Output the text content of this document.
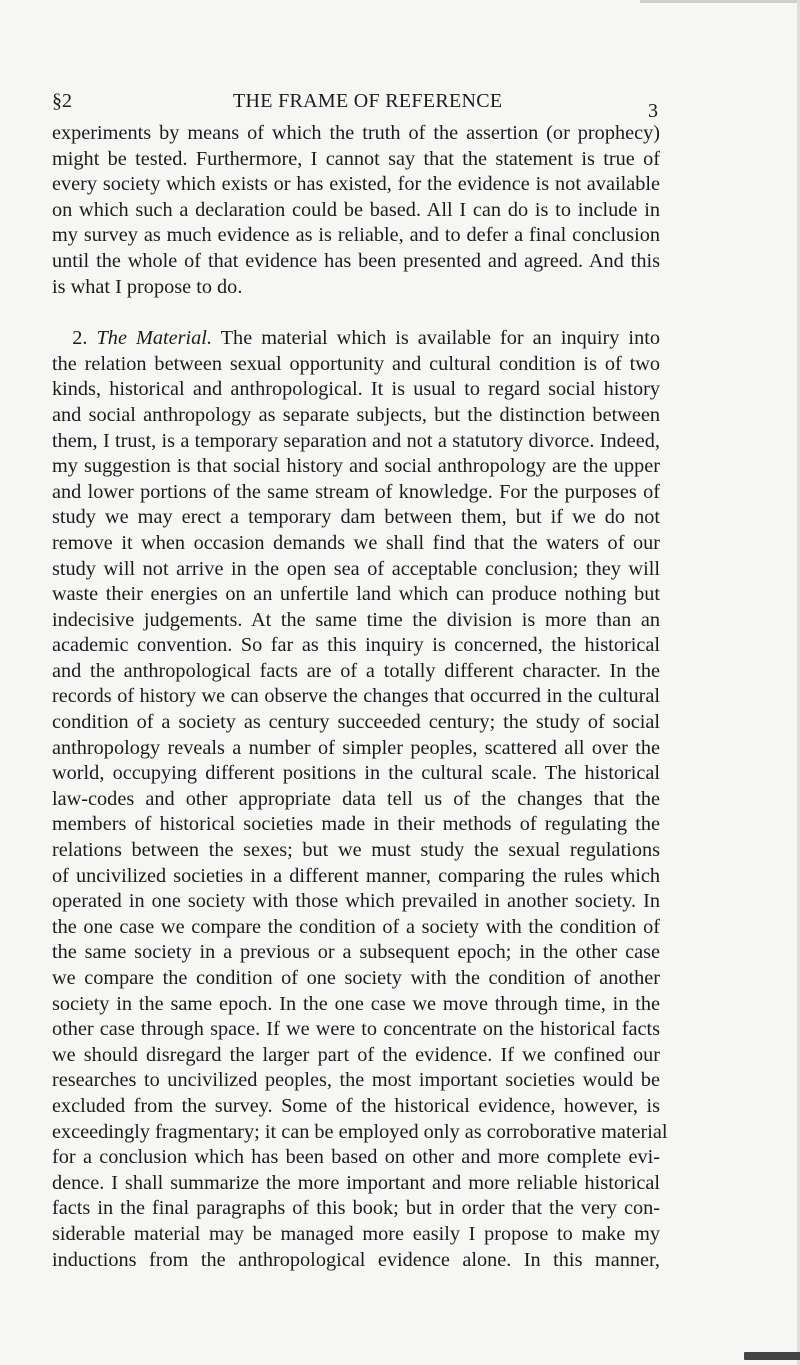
§2	THE FRAME OF REFERENCE	3

experiments by means of which the truth of the assertion (or prophecy)
might be tested. Furthermore, I cannot say that the statement is true of
every society which exists or has existed, for the evidence is not available
on which such a declaration could be based. All I can do is to include in
my survey as much evidence as is reliable, and to defer a final conclusion
until the whole of that evidence has been presented and agreed. And this
is what I propose to do.

 2. The Material. The material which is available for an inquiry into
the relation between sexual opportunity and cultural condition is of two
kinds, historical and anthropological. It is usual to regard social history
and social anthropology as separate subjects, but the distinction between
them, I trust, is a temporary separation and not a statutory divorce. Indeed,
my suggestion is that social history and social anthropology are the upper
and lower portions of the same stream of knowledge. For the purposes of
study we may erect a temporary dam between them, but if we do not
remove it when occasion demands we shall find that the waters of our
study will not arrive in the open sea of acceptable conclusion; they will
waste their energies on an unfertile land which can produce nothing but
indecisive judgements. At the same time the division is more than an
academic convention. So far as this inquiry is concerned, the historical
and the anthropological facts are of a totally different character. In the
records of history we can observe the changes that occurred in the cultural
condition of a society as century succeeded century; the study of social
anthropology reveals a number of simpler peoples, scattered all over the
world, occupying different positions in the cultural scale. The historical
law-codes and other appropriate data tell us of the changes that the
members of historical societies made in their methods of regulating the
relations between the sexes; but we must study the sexual regulations
of uncivilized societies in a different manner, comparing the rules which
operated in one society with those which prevailed in another society. In
the one case we compare the condition of a society with the condition of
the same society in a previous or a subsequent epoch; in the other case
we compare the condition of one society with the condition of another
society in the same epoch. In the one case we move through time, in the
other case through space. If we were to concentrate on the historical facts
we should disregard the larger part of the evidence. If we confined our
researches to uncivilized peoples, the most important societies would be
excluded from the survey. Some of the historical evidence, however, is
exceedingly fragmentary; it can be employed only as corroborative material
for a conclusion which has been based on other and more complete evi-
dence. I shall summarize the more important and more reliable historical
facts in the final paragraphs of this book; but in order that the very con-
siderable material may be managed more easily I propose to make my
inductions from the anthropological evidence alone. In this manner,
